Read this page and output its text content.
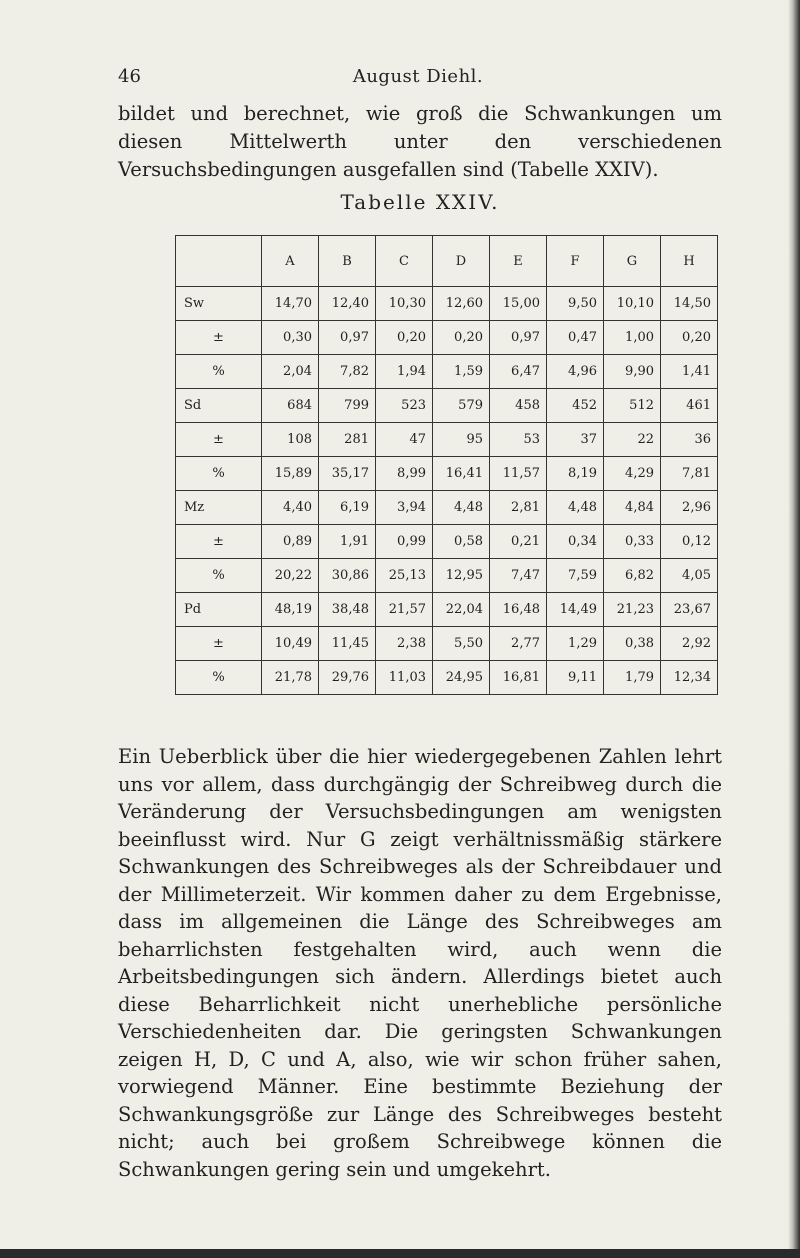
46	August Diehl.

bildet und berechnet, wie groß die Schwankungen um diesen Mittelwerth unter den verschiedenen Versuchsbedingungen ausgefallen sind (Tabelle XXIV).

Tabelle XXIV.
	A	B	C	D	E	F	G	H
Sw	14,70	12,40	10,30	12,60	15,00	9,50	10,10	14,50
±	0,30	0,97	0,20	0,20	0,97	0,47	1,00	0,20
%	2,04	7,82	1,94	1,59	6,47	4,96	9,90	1,41
Sd	684	799	523	579	458	452	512	461
±	108	281	47	95	53	37	22	36
%	15,89	35,17	8,99	16,41	11,57	8,19	4,29	7,81
Mz	4,40	6,19	3,94	4,48	2,81	4,48	4,84	2,96
±	0,89	1,91	0,99	0,58	0,21	0,34	0,33	0,12
%	20,22	30,86	25,13	12,95	7,47	7,59	6,82	4,05
Pd	48,19	38,48	21,57	22,04	16,48	14,49	21,23	23,67
±	10,49	11,45	2,38	5,50	2,77	1,29	0,38	2,92
%	21,78	29,76	11,03	24,95	16,81	9,11	1,79	12,34

Ein Ueberblick über die hier wiedergegebenen Zahlen lehrt uns vor allem, dass durchgängig der Schreibweg durch die Veränderung der Versuchsbedingungen am wenigsten beeinflusst wird. Nur G zeigt verhältnissmäßig stärkere Schwankungen des Schreibweges als der Schreibdauer und der Millimeterzeit. Wir kommen daher zu dem Ergebnisse, dass im allgemeinen die Länge des Schreibweges am beharrlichsten festgehalten wird, auch wenn die Arbeitsbedingungen sich ändern. Allerdings bietet auch diese Beharrlichkeit nicht unerhebliche persönliche Verschiedenheiten dar. Die geringsten Schwankungen zeigen H, D, C und A, also, wie wir schon früher sahen, vorwiegend Männer. Eine bestimmte Beziehung der Schwankungsgröße zur Länge des Schreibweges besteht nicht; auch bei großem Schreibwege können die Schwankungen gering sein und umgekehrt.
